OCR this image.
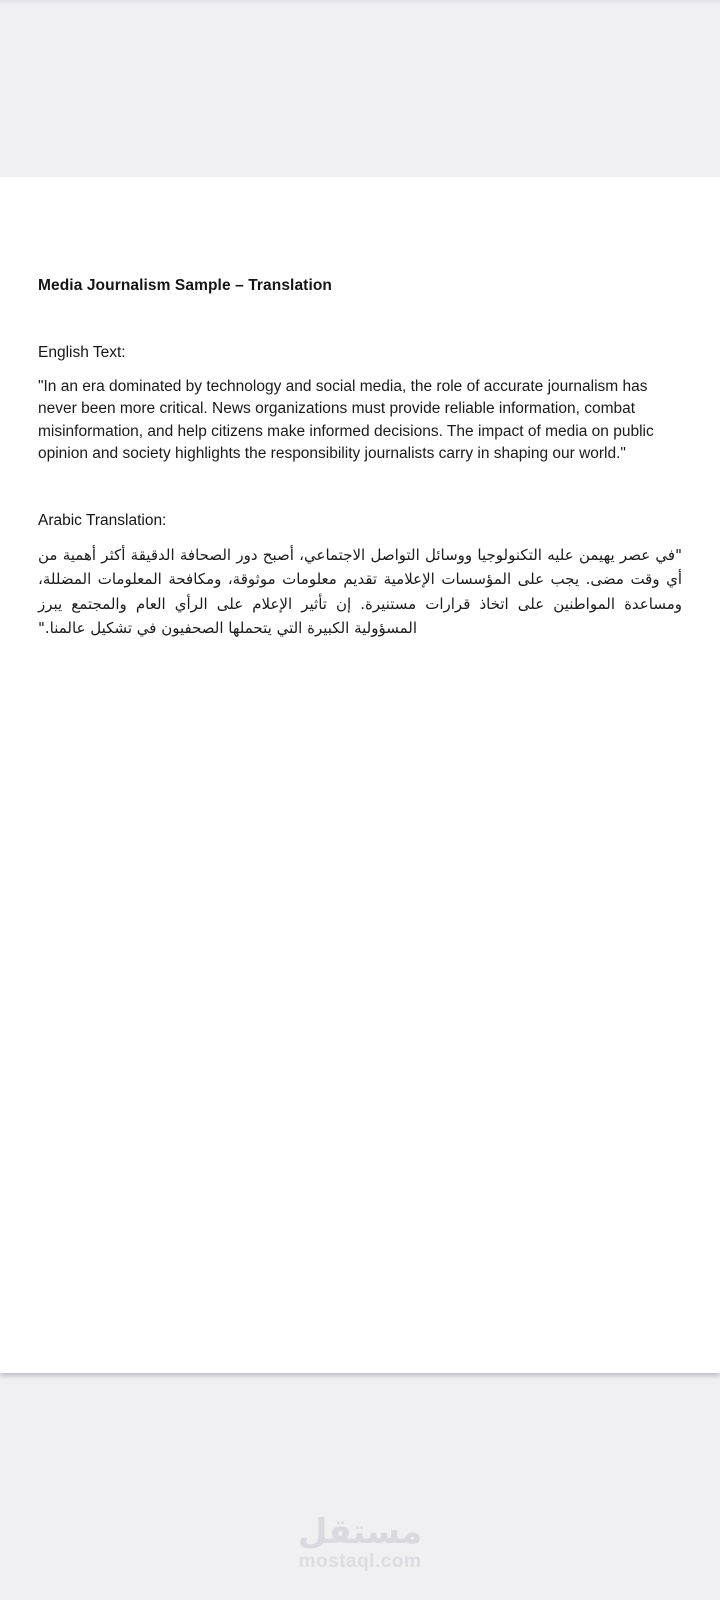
Media Journalism Sample – Translation
English Text:
"In an era dominated by technology and social media, the role of accurate journalism has never been more critical. News organizations must provide reliable information, combat misinformation, and help citizens make informed decisions. The impact of media on public opinion and society highlights the responsibility journalists carry in shaping our world."
Arabic Translation:
"في عصر يهيمن عليه التكنولوجيا ووسائل التواصل الاجتماعي، أصبح دور الصحافة الدقيقة أكثر أهمية من أي وقت مضى. يجب على المؤسسات الإعلامية تقديم معلومات موثوقة، ومكافحة المعلومات المضللة، ومساعدة المواطنين على اتخاذ قرارات مستنيرة. إن تأثير الإعلام على الرأي العام والمجتمع يبرز المسؤولية الكبيرة التي يتحملها الصحفيون في تشكيل عالمنا."
مستقل
mostaql.com
